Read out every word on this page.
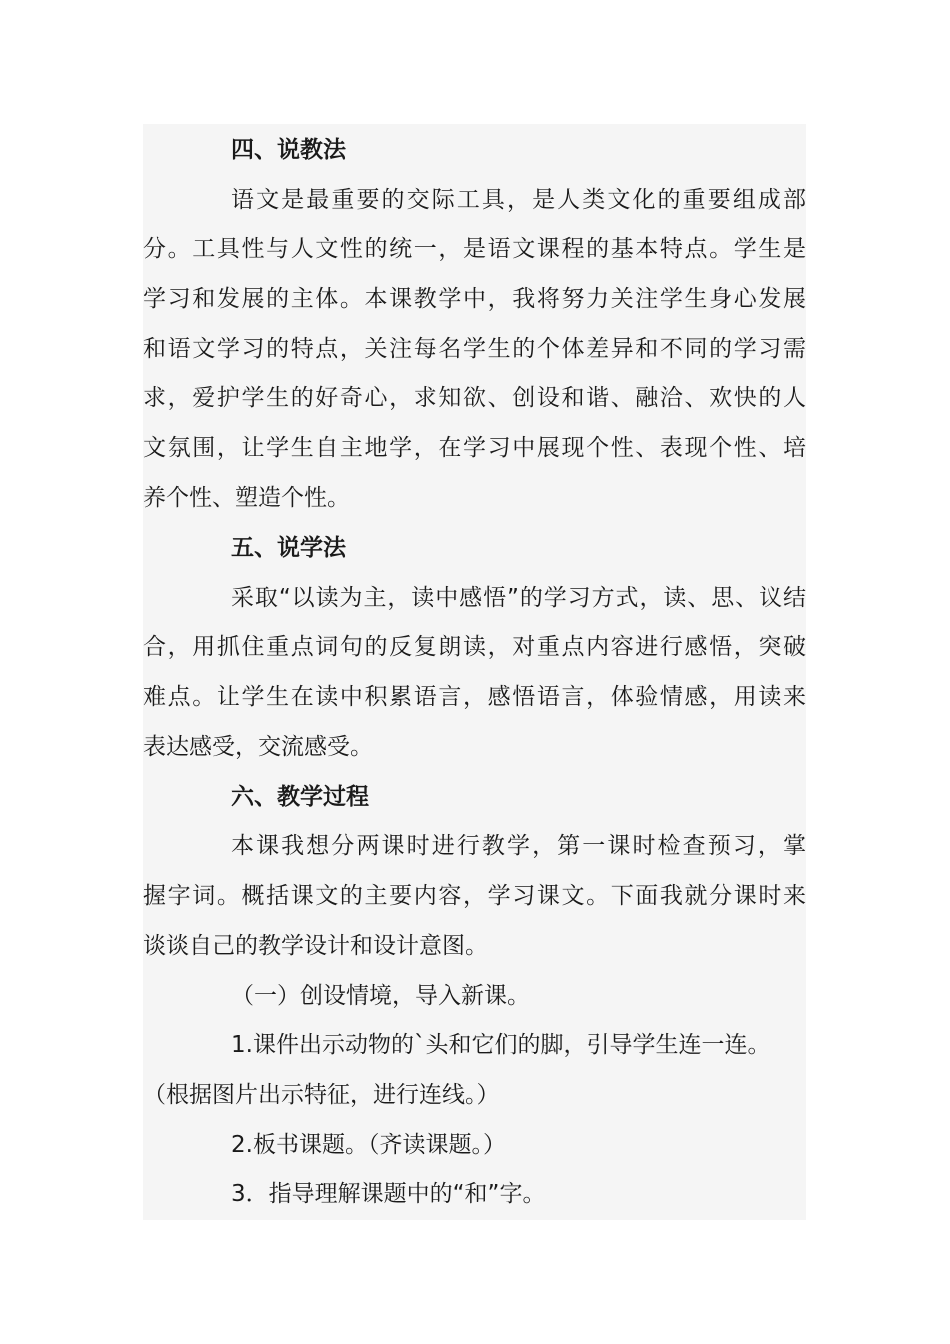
四、说教法
语文是最重要的交际工具，是人类文化的重要组成部
分。工具性与人文性的统一，是语文课程的基本特点。学生是
学习和发展的主体。本课教学中，我将努力关注学生身心发展
和语文学习的特点，关注每名学生的个体差异和不同的学习需
求，爱护学生的好奇心，求知欲、创设和谐、融洽、欢快的人
文氛围，让学生自主地学，在学习中展现个性、表现个性、培
养个性、塑造个性。
五、说学法
采取“以读为主，读中感悟”的学习方式，读、思、议结
合，用抓住重点词句的反复朗读，对重点内容进行感悟，突破
难点。让学生在读中积累语言，感悟语言，体验情感，用读来
表达感受，交流感受。
六、教学过程
本课我想分两课时进行教学，第一课时检查预习，掌
握字词。概括课文的主要内容，学习课文。下面我就分课时来
谈谈自己的教学设计和设计意图。
（一）创设情境，导入新课。
1.课件出示动物的`头和它们的脚，引导学生连一连。
（根据图片出示特征，进行连线。）
2.板书课题。（齐读课题。）
3．指导理解课题中的“和”字。
